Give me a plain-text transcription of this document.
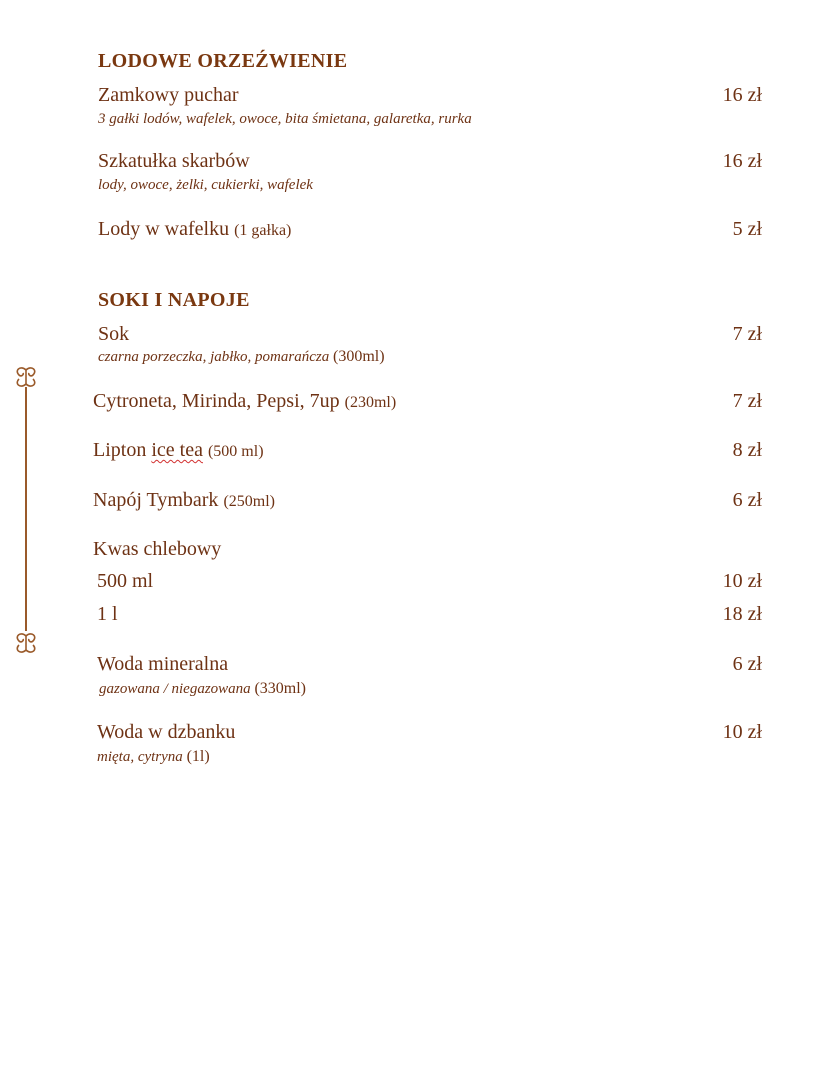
LODOWE ORZEŹWIENIE
Zamkowy puchar	16 zł
3 gałki lodów, wafelek, owoce, bita śmietana, galaretka, rurka
Szkatułka skarbów	16 zł
lody, owoce, żelki, cukierki, wafelek
Lody w wafelku (1 gałka)	5 zł
SOKI I NAPOJE
Sok	7 zł
czarna porzeczka, jabłko, pomarańcza (300ml)
Cytroneta, Mirinda, Pepsi, 7up (230ml)	7 zł
Lipton ice tea (500 ml)	8 zł
Napój Tymbark (250ml)	6 zł
Kwas chlebowy
500 ml	10 zł
1 l	18 zł
Woda mineralna	6 zł
gazowana / niegazowana (330ml)
Woda w dzbanku	10 zł
mięta, cytryna (1l)
